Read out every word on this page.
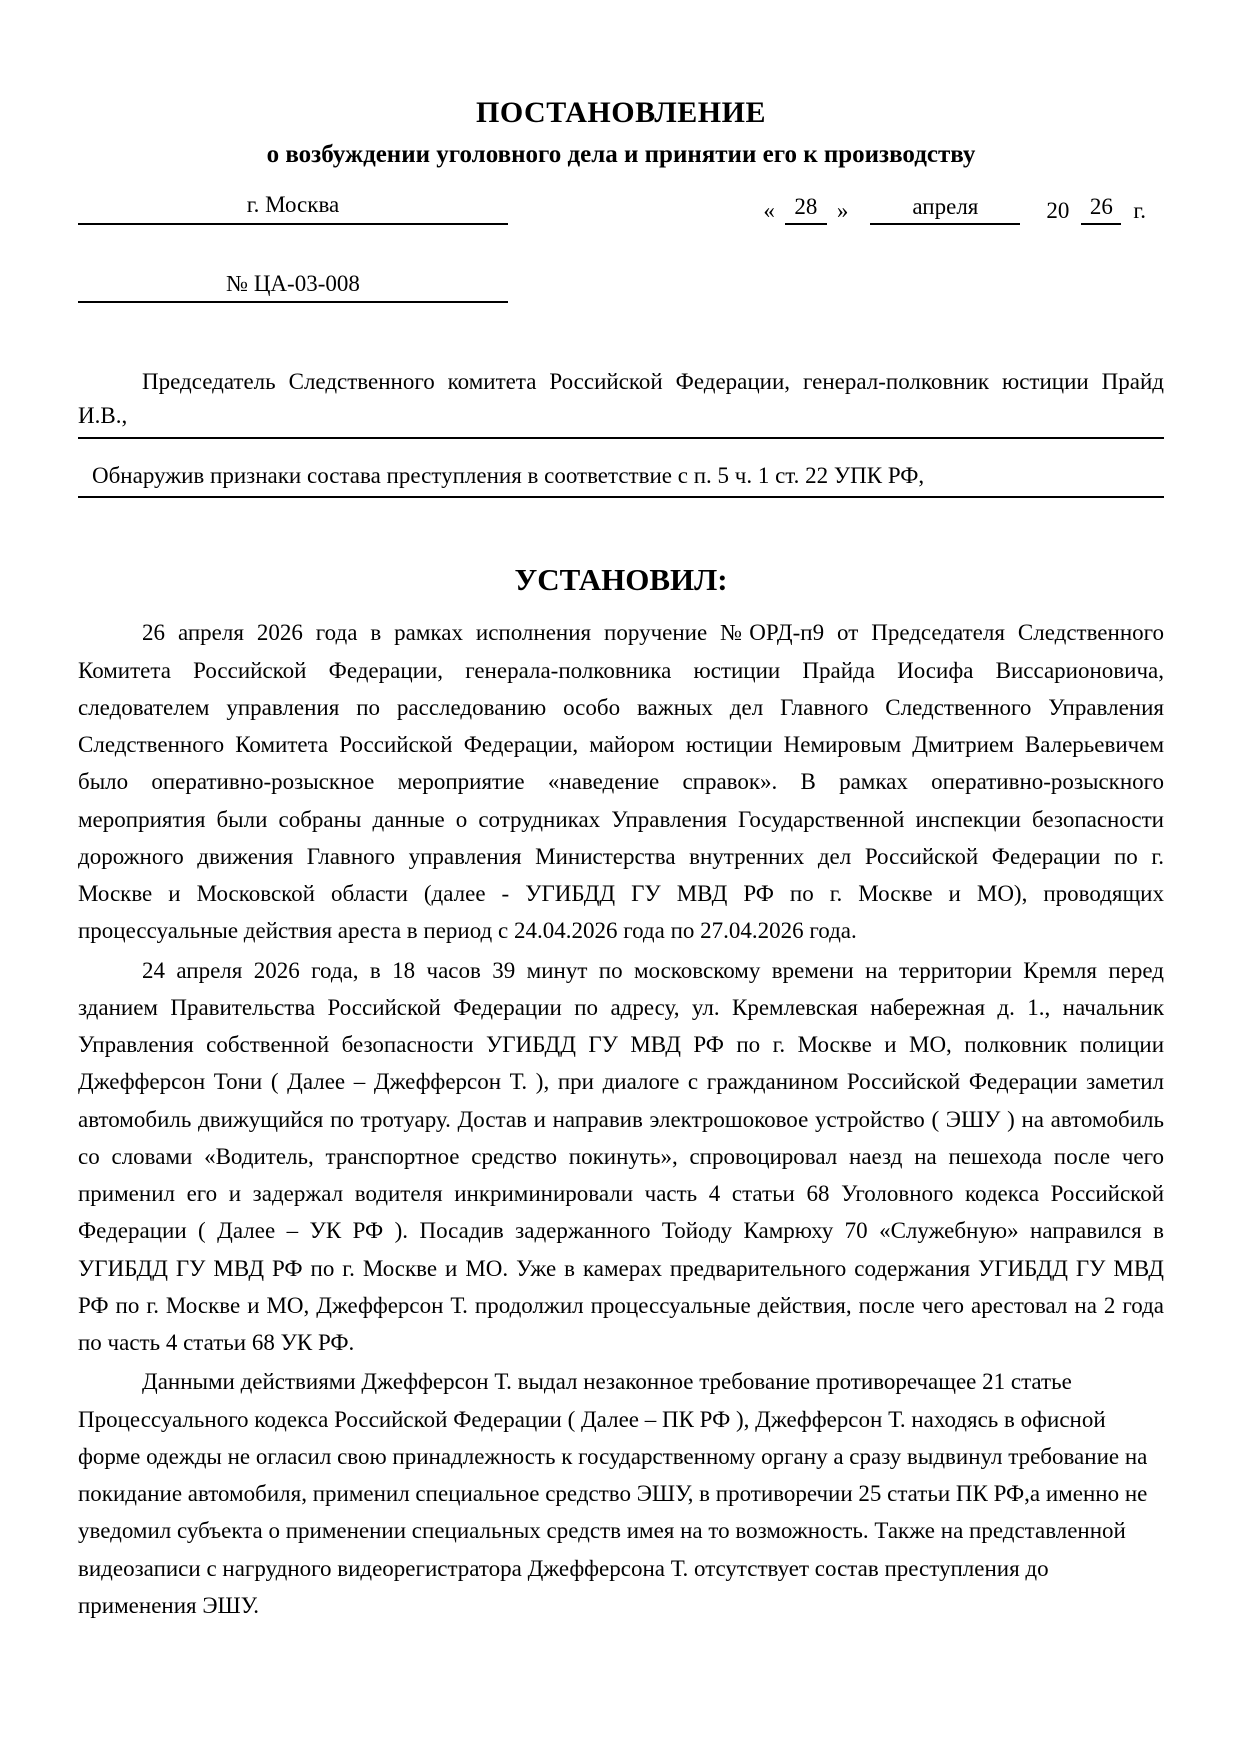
ПОСТАНОВЛЕНИЕ
о возбуждении уголовного дела и принятии его к производству
г. Москва	« 28 »	апреля	20 26 г.
№ ЦА-03-008
Председатель Следственного комитета Российской Федерации, генерал-полковник юстиции Прайд И.В.,
Обнаружив признаки состава преступления в соответствие с п. 5 ч. 1 ст. 22 УПК РФ,
УСТАНОВИЛ:

26 апреля 2026 года в рамках исполнения поручение №ОРД-п9 от Председателя Следственного Комитета Российской Федерации, генерала-полковника юстиции Прайда Иосифа Виссарионовича, следователем управления по расследованию особо важных дел Главного Следственного Управления Следственного Комитета Российской Федерации, майором юстиции Немировым Дмитрием Валерьевичем было оперативно-розыскное мероприятие «наведение справок». В рамках оперативно-розыскного мероприятия были собраны данные о сотрудниках Управления Государственной инспекции безопасности дорожного движения Главного управления Министерства внутренних дел Российской Федерации по г. Москве и Московской области (далее - УГИБДД ГУ МВД РФ по г. Москве и МО), проводящих процессуальные действия ареста в период с 24.04.2026 года по 27.04.2026 года.

24 апреля 2026 года, в 18 часов 39 минут по московскому времени на территории Кремля перед зданием Правительства Российской Федерации по адресу, ул. Кремлевская набережная д. 1., начальник Управления собственной безопасности УГИБДД ГУ МВД РФ по г. Москве и МО, полковник полиции Джефферсон Тони ( Далее – Джефферсон Т. ), при диалоге с гражданином Российской Федерации заметил автомобиль движущийся по тротуару. Достав и направив электрошоковое устройство ( ЭШУ ) на автомобиль со словами «Водитель, транспортное средство покинуть», спровоцировал наезд на пешехода после чего применил его и задержал водителя инкриминировали часть 4 статьи 68 Уголовного кодекса Российской Федерации ( Далее – УК РФ ). Посадив задержанного Тойоду Камрюху 70 «Служебную» направился в УГИБДД ГУ МВД РФ по г. Москве и МО. Уже в камерах предварительного содержания УГИБДД ГУ МВД РФ по г. Москве и МО, Джефферсон Т. продолжил процессуальные действия, после чего арестовал на 2 года по часть 4 статьи 68 УК РФ.

Данными действиями Джефферсон Т. выдал незаконное требование противоречащее 21 статье Процессуального кодекса Российской Федерации ( Далее – ПК РФ ), Джефферсон Т. находясь в офисной форме одежды не огласил свою принадлежность к государственному органу а сразу выдвинул требование на покидание автомобиля, применил специальное средство ЭШУ, в противоречии 25 статьи ПК РФ,а именно не уведомил субъекта о применении специальных средств имея на то возможность. Также на представленной видеозаписи с нагрудного видеорегистратора Джефферсона Т. отсутствует состав преступления до применения ЭШУ.
